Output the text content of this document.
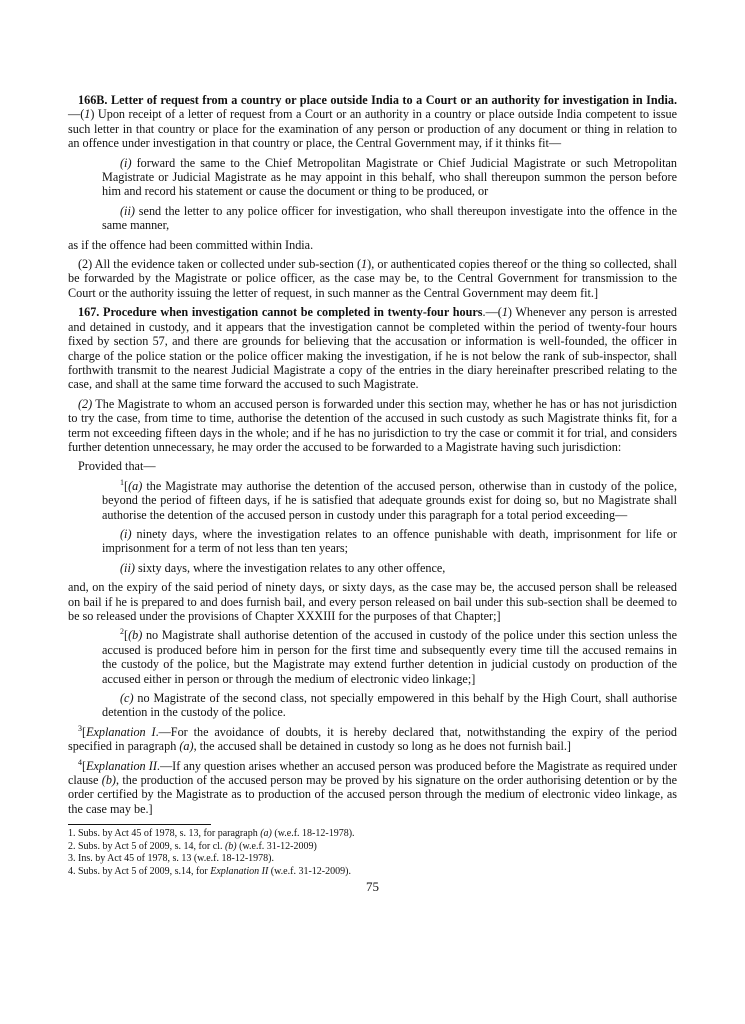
166B. Letter of request from a country or place outside India to a Court or an authority for investigation in India.—(1) Upon receipt of a letter of request from a Court or an authority in a country or place outside India competent to issue such letter in that country or place for the examination of any person or production of any document or thing in relation to an offence under investigation in that country or place, the Central Government may, if it thinks fit—

(i) forward the same to the Chief Metropolitan Magistrate or Chief Judicial Magistrate or such Metropolitan Magistrate or Judicial Magistrate as he may appoint in this behalf, who shall thereupon summon the person before him and record his statement or cause the document or thing to be produced, or

(ii) send the letter to any police officer for investigation, who shall thereupon investigate into the offence in the same manner,

as if the offence had been committed within India.

(2) All the evidence taken or collected under sub-section (1), or authenticated copies thereof or the thing so collected, shall be forwarded by the Magistrate or police officer, as the case may be, to the Central Government for transmission to the Court or the authority issuing the letter of request, in such manner as the Central Government may deem fit.]

167. Procedure when investigation cannot be completed in twenty-four hours.—(1) Whenever any person is arrested and detained in custody, and it appears that the investigation cannot be completed within the period of twenty-four hours fixed by section 57, and there are grounds for believing that the accusation or information is well-founded, the officer in charge of the police station or the police officer making the investigation, if he is not below the rank of sub-inspector, shall forthwith transmit to the nearest Judicial Magistrate a copy of the entries in the diary hereinafter prescribed relating to the case, and shall at the same time forward the accused to such Magistrate.

(2) The Magistrate to whom an accused person is forwarded under this section may, whether he has or has not jurisdiction to try the case, from time to time, authorise the detention of the accused in such custody as such Magistrate thinks fit, for a term not exceeding fifteen days in the whole; and if he has no jurisdiction to try the case or commit it for trial, and considers further detention unnecessary, he may order the accused to be forwarded to a Magistrate having such jurisdiction:

Provided that—

$^1$[(a) the Magistrate may authorise the detention of the accused person, otherwise than in custody of the police, beyond the period of fifteen days, if he is satisfied that adequate grounds exist for doing so, but no Magistrate shall authorise the detention of the accused person in custody under this paragraph for a total period exceeding—

(i) ninety days, where the investigation relates to an offence punishable with death, imprisonment for life or imprisonment for a term of not less than ten years;

(ii) sixty days, where the investigation relates to any other offence,

and, on the expiry of the said period of ninety days, or sixty days, as the case may be, the accused person shall be released on bail if he is prepared to and does furnish bail, and every person released on bail under this sub-section shall be deemed to be so released under the provisions of Chapter XXXIII for the purposes of that Chapter;]

$^2$[(b) no Magistrate shall authorise detention of the accused in custody of the police under this section unless the accused is produced before him in person for the first time and subsequently every time till the accused remains in the custody of the police, but the Magistrate may extend further detention in judicial custody on production of the accused either in person or through the medium of electronic video linkage;]

(c) no Magistrate of the second class, not specially empowered in this behalf by the High Court, shall authorise detention in the custody of the police.

$^3$[Explanation I.—For the avoidance of doubts, it is hereby declared that, notwithstanding the expiry of the period specified in paragraph (a), the accused shall be detained in custody so long as he does not furnish bail.]

$^4$[Explanation II.—If any question arises whether an accused person was produced before the Magistrate as required under clause (b), the production of the accused person may be proved by his signature on the order authorising detention or by the order certified by the Magistrate as to production of the accused person through the medium of electronic video linkage, as the case may be.]

1. Subs. by Act 45 of 1978, s. 13, for paragraph (a) (w.e.f. 18-12-1978).

2. Subs. by Act 5 of 2009, s. 14, for cl. (b) (w.e.f. 31-12-2009)

3. Ins. by Act 45 of 1978, s. 13 (w.e.f. 18-12-1978).

4. Subs. by Act 5 of 2009, s.14, for Explanation II (w.e.f. 31-12-2009).

75
